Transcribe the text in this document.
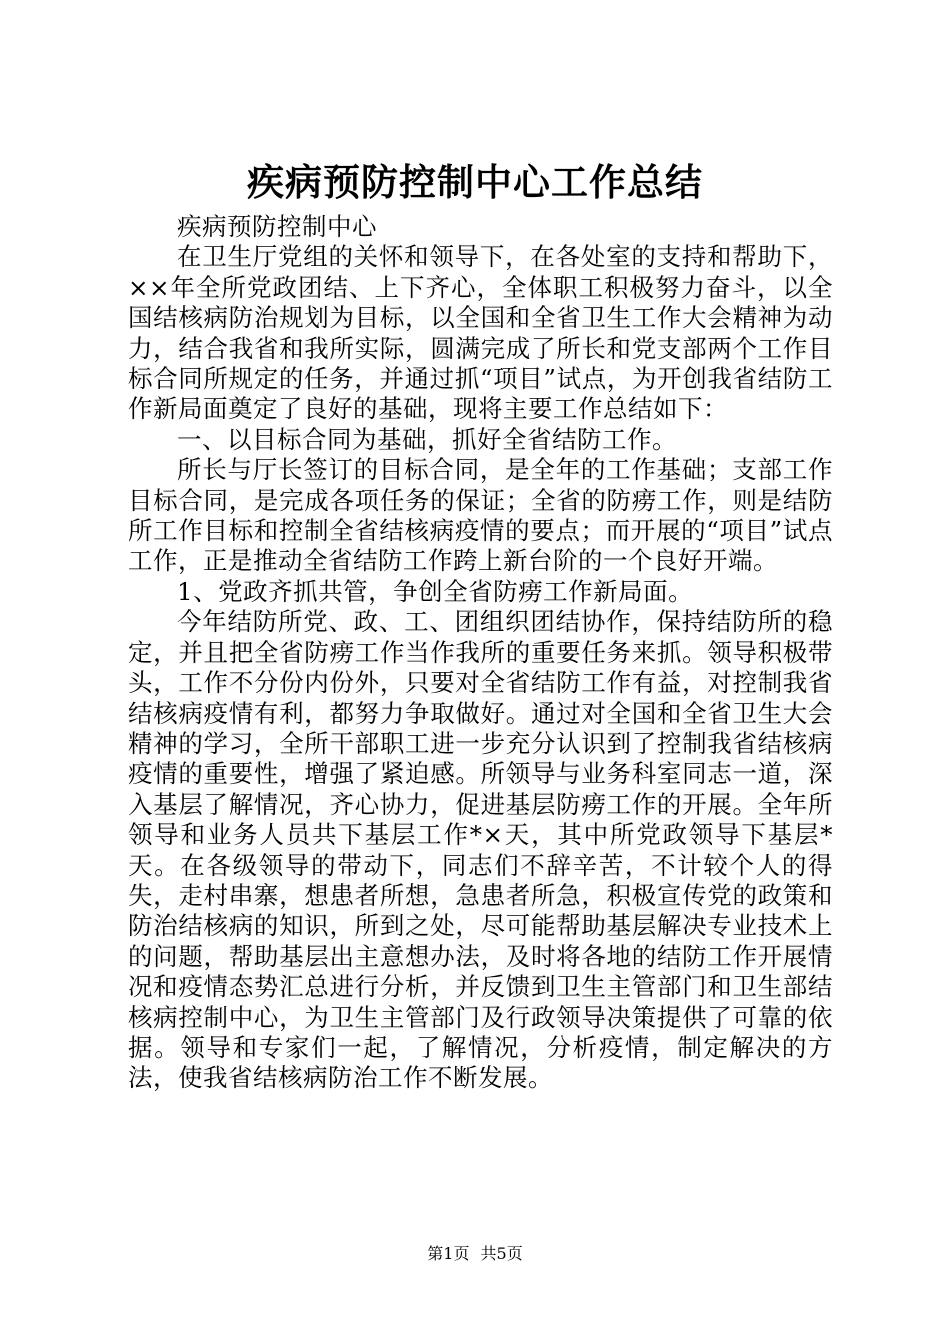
疾病预防控制中心工作总结

疾病预防控制中心

在卫生厅党组的关怀和领导下，在各处室的支持和帮助下，××年全所党政团结、上下齐心，全体职工积极努力奋斗，以全国结核病防治规划为目标，以全国和全省卫生工作大会精神为动力，结合我省和我所实际，圆满完成了所长和党支部两个工作目标合同所规定的任务，并通过抓“项目”试点，为开创我省结防工作新局面奠定了良好的基础，现将主要工作总结如下：

一、以目标合同为基础，抓好全省结防工作。

所长与厅长签订的目标合同，是全年的工作基础；支部工作目标合同，是完成各项任务的保证；全省的防痨工作，则是结防所工作目标和控制全省结核病疫情的要点；而开展的“项目”试点工作，正是推动全省结防工作跨上新台阶的一个良好开端。

1、党政齐抓共管，争创全省防痨工作新局面。

今年结防所党、政、工、团组织团结协作，保持结防所的稳定，并且把全省防痨工作当作我所的重要任务来抓。领导积极带头，工作不分份内份外，只要对全省结防工作有益，对控制我省结核病疫情有利，都努力争取做好。通过对全国和全省卫生大会精神的学习，全所干部职工进一步充分认识到了控制我省结核病疫情的重要性，增强了紧迫感。所领导与业务科室同志一道，深入基层了解情况，齐心协力，促进基层防痨工作的开展。全年所领导和业务人员共下基层工作*×天，其中所党政领导下基层*天。在各级领导的带动下，同志们不辞辛苦，不计较个人的得失，走村串寨，想患者所想，急患者所急，积极宣传党的政策和防治结核病的知识，所到之处，尽可能帮助基层解决专业技术上的问题，帮助基层出主意想办法，及时将各地的结防工作开展情况和疫情态势汇总进行分析，并反馈到卫生主管部门和卫生部结核病控制中心，为卫生主管部门及行政领导决策提供了可靠的依据。领导和专家们一起，了解情况，分析疫情，制定解决的方法，使我省结核病防治工作不断发展。

第1页 共5页
